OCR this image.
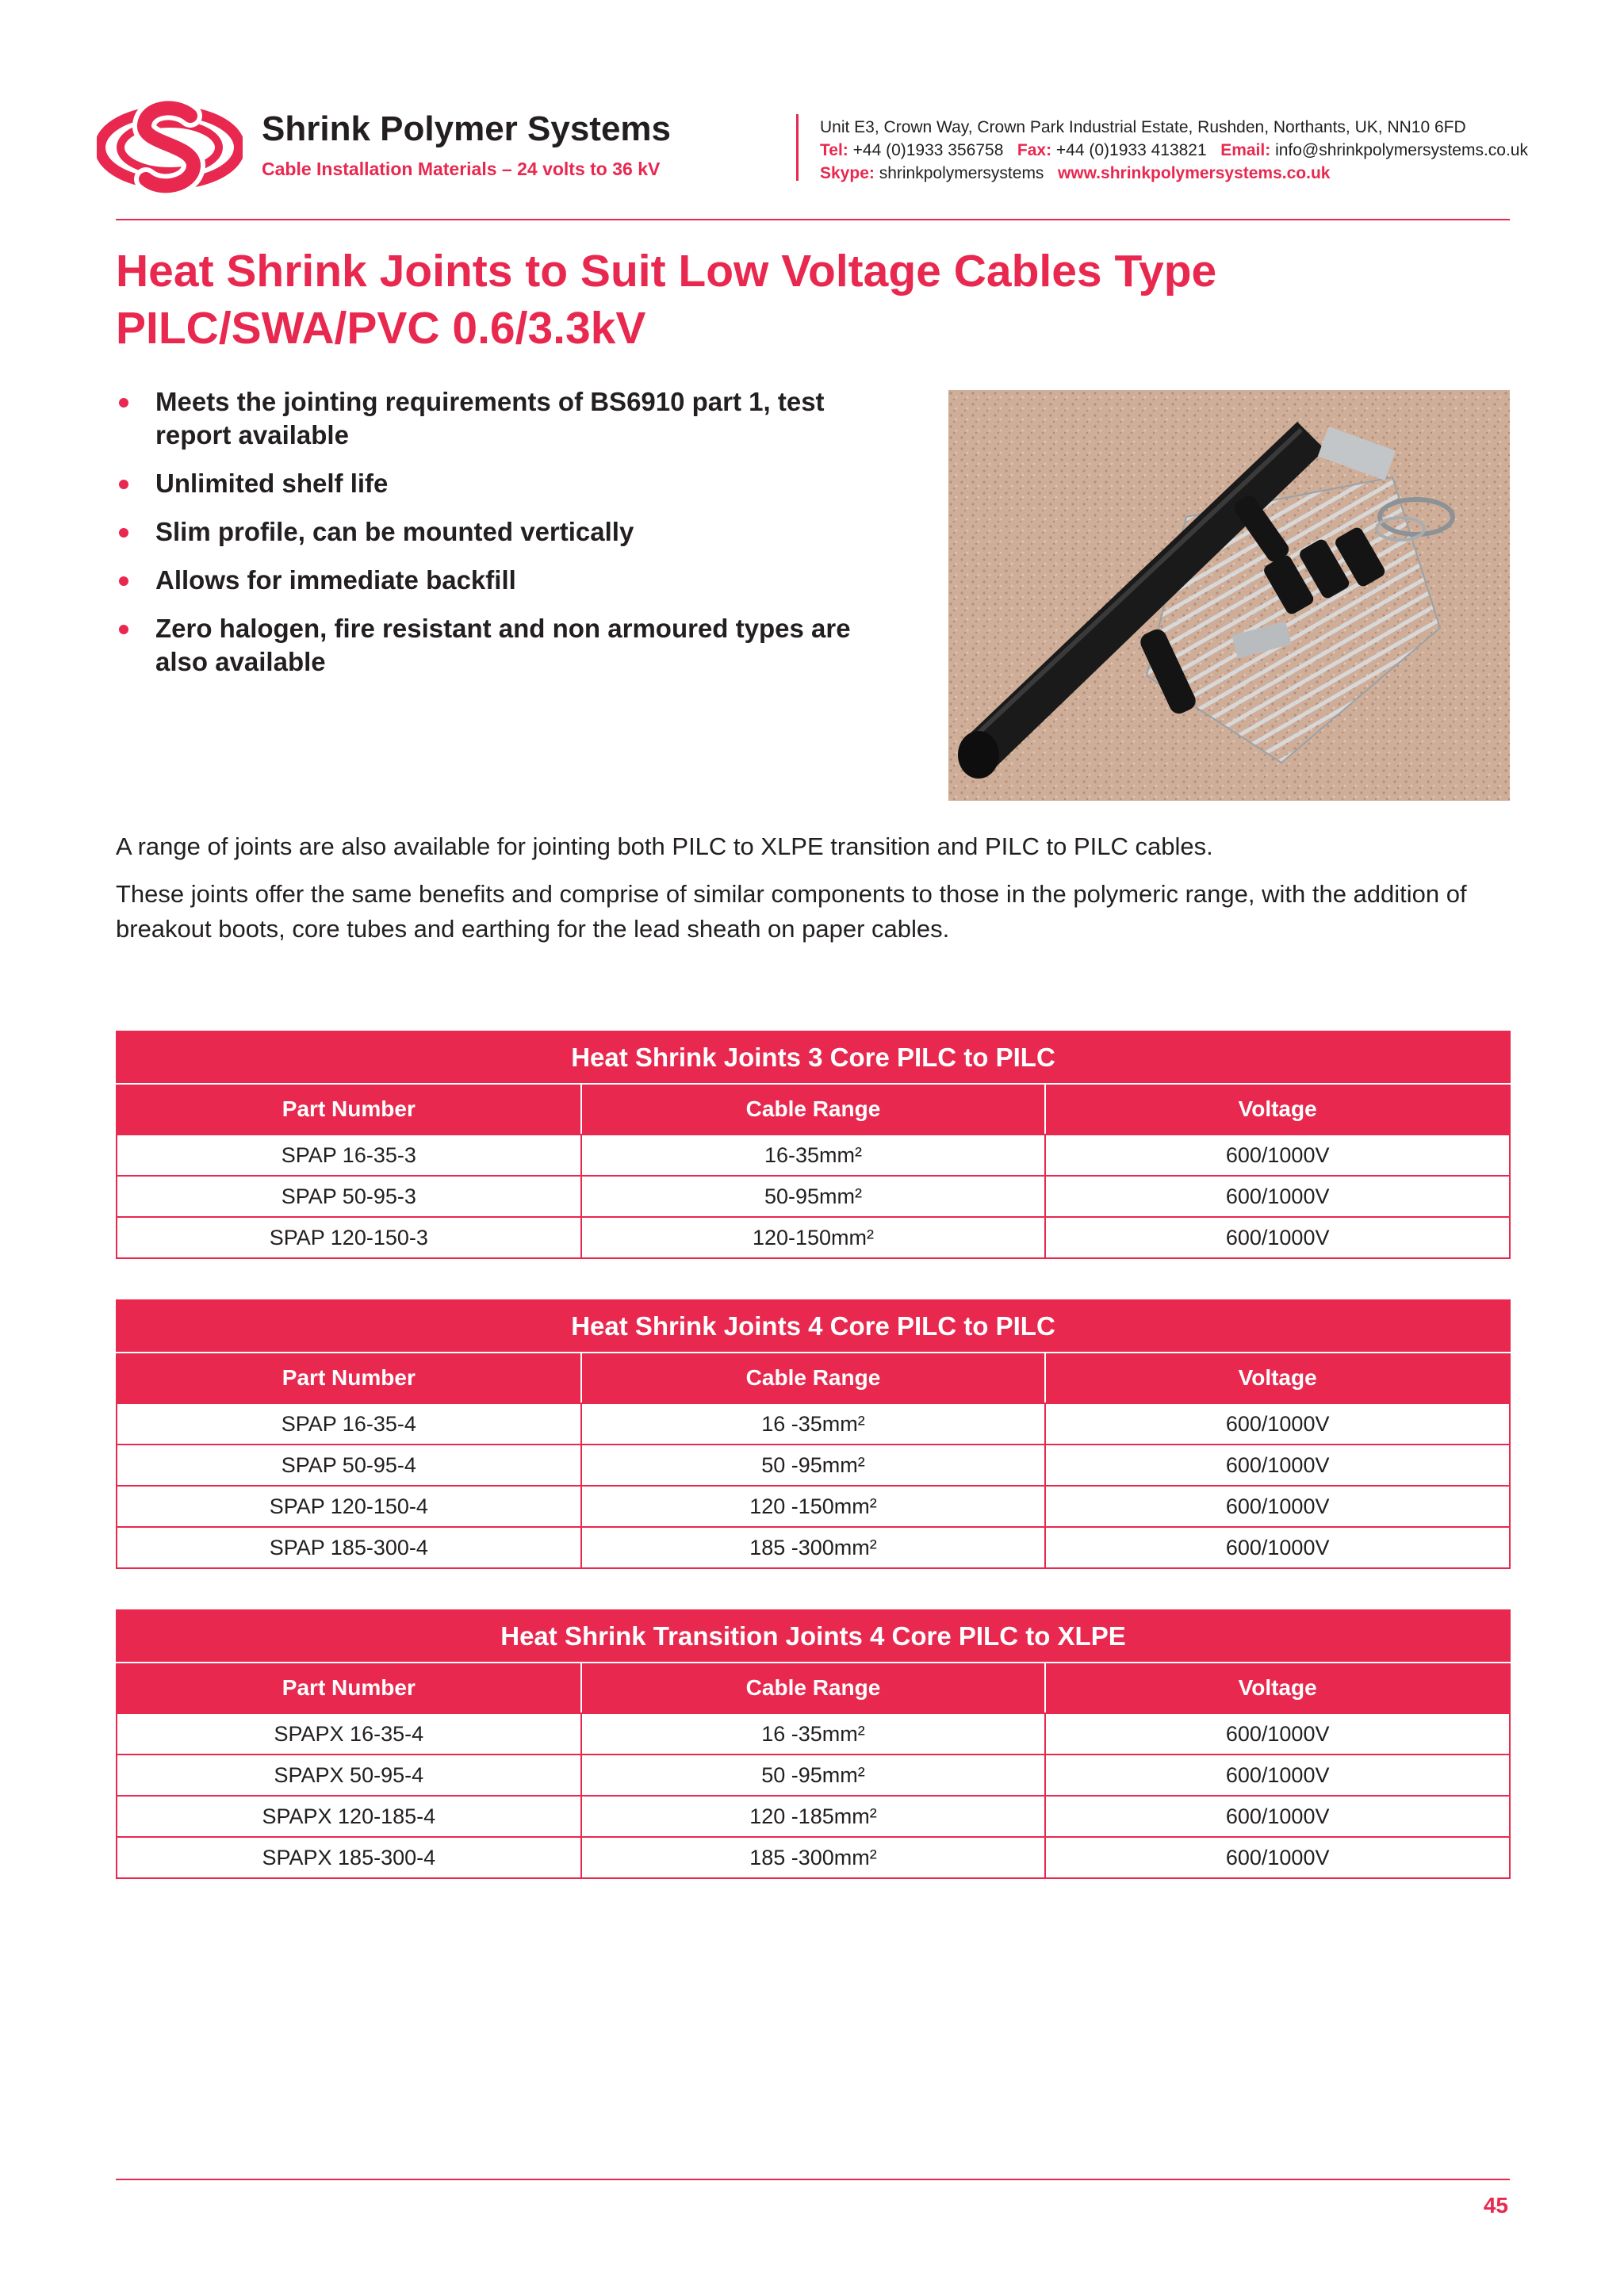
Shrink Polymer Systems
Cable Installation Materials – 24 volts to 36 kV
Unit E3, Crown Way, Crown Park Industrial Estate, Rushden, Northants, UK, NN10 6FD
Tel: +44 (0)1933 356758 Fax: +44 (0)1933 413821 Email: info@shrinkpolymersystems.co.uk
Skype: shrinkpolymersystems www.shrinkpolymersystems.co.uk
Heat Shrink Joints to Suit Low Voltage Cables Type
PILC/SWA/PVC 0.6/3.3kV
Meets the jointing requirements of BS6910 part 1, test report available
Unlimited shelf life
Slim profile, can be mounted vertically
Allows for immediate backfill
Zero halogen, fire resistant and non armoured types are also available

A range of joints are also available for jointing both PILC to XLPE transition and PILC to PILC cables.

These joints offer the same benefits and comprise of similar components to those in the polymeric range, with the addition of breakout boots, core tubes and earthing for the lead sheath on paper cables.

Heat Shrink Joints 3 Core PILC to PILC		
Part Number	Cable Range	Voltage
SPAP 16-35-3	16-35mm²	600/1000V
SPAP 50-95-3	50-95mm²	600/1000V
SPAP 120-150-3	120-150mm²	600/1000V
Heat Shrink Joints 4 Core PILC to PILC		
Part Number	Cable Range	Voltage
SPAP 16-35-4	16 -35mm²	600/1000V
SPAP 50-95-4	50 -95mm²	600/1000V
SPAP 120-150-4	120 -150mm²	600/1000V
SPAP 185-300-4	185 -300mm²	600/1000V
Heat Shrink Transition Joints 4 Core PILC to XLPE		
Part Number	Cable Range	Voltage
SPAPX 16-35-4	16 -35mm²	600/1000V
SPAPX 50-95-4	50 -95mm²	600/1000V
SPAPX 120-185-4	120 -185mm²	600/1000V
SPAPX 185-300-4	185 -300mm²	600/1000V
45
